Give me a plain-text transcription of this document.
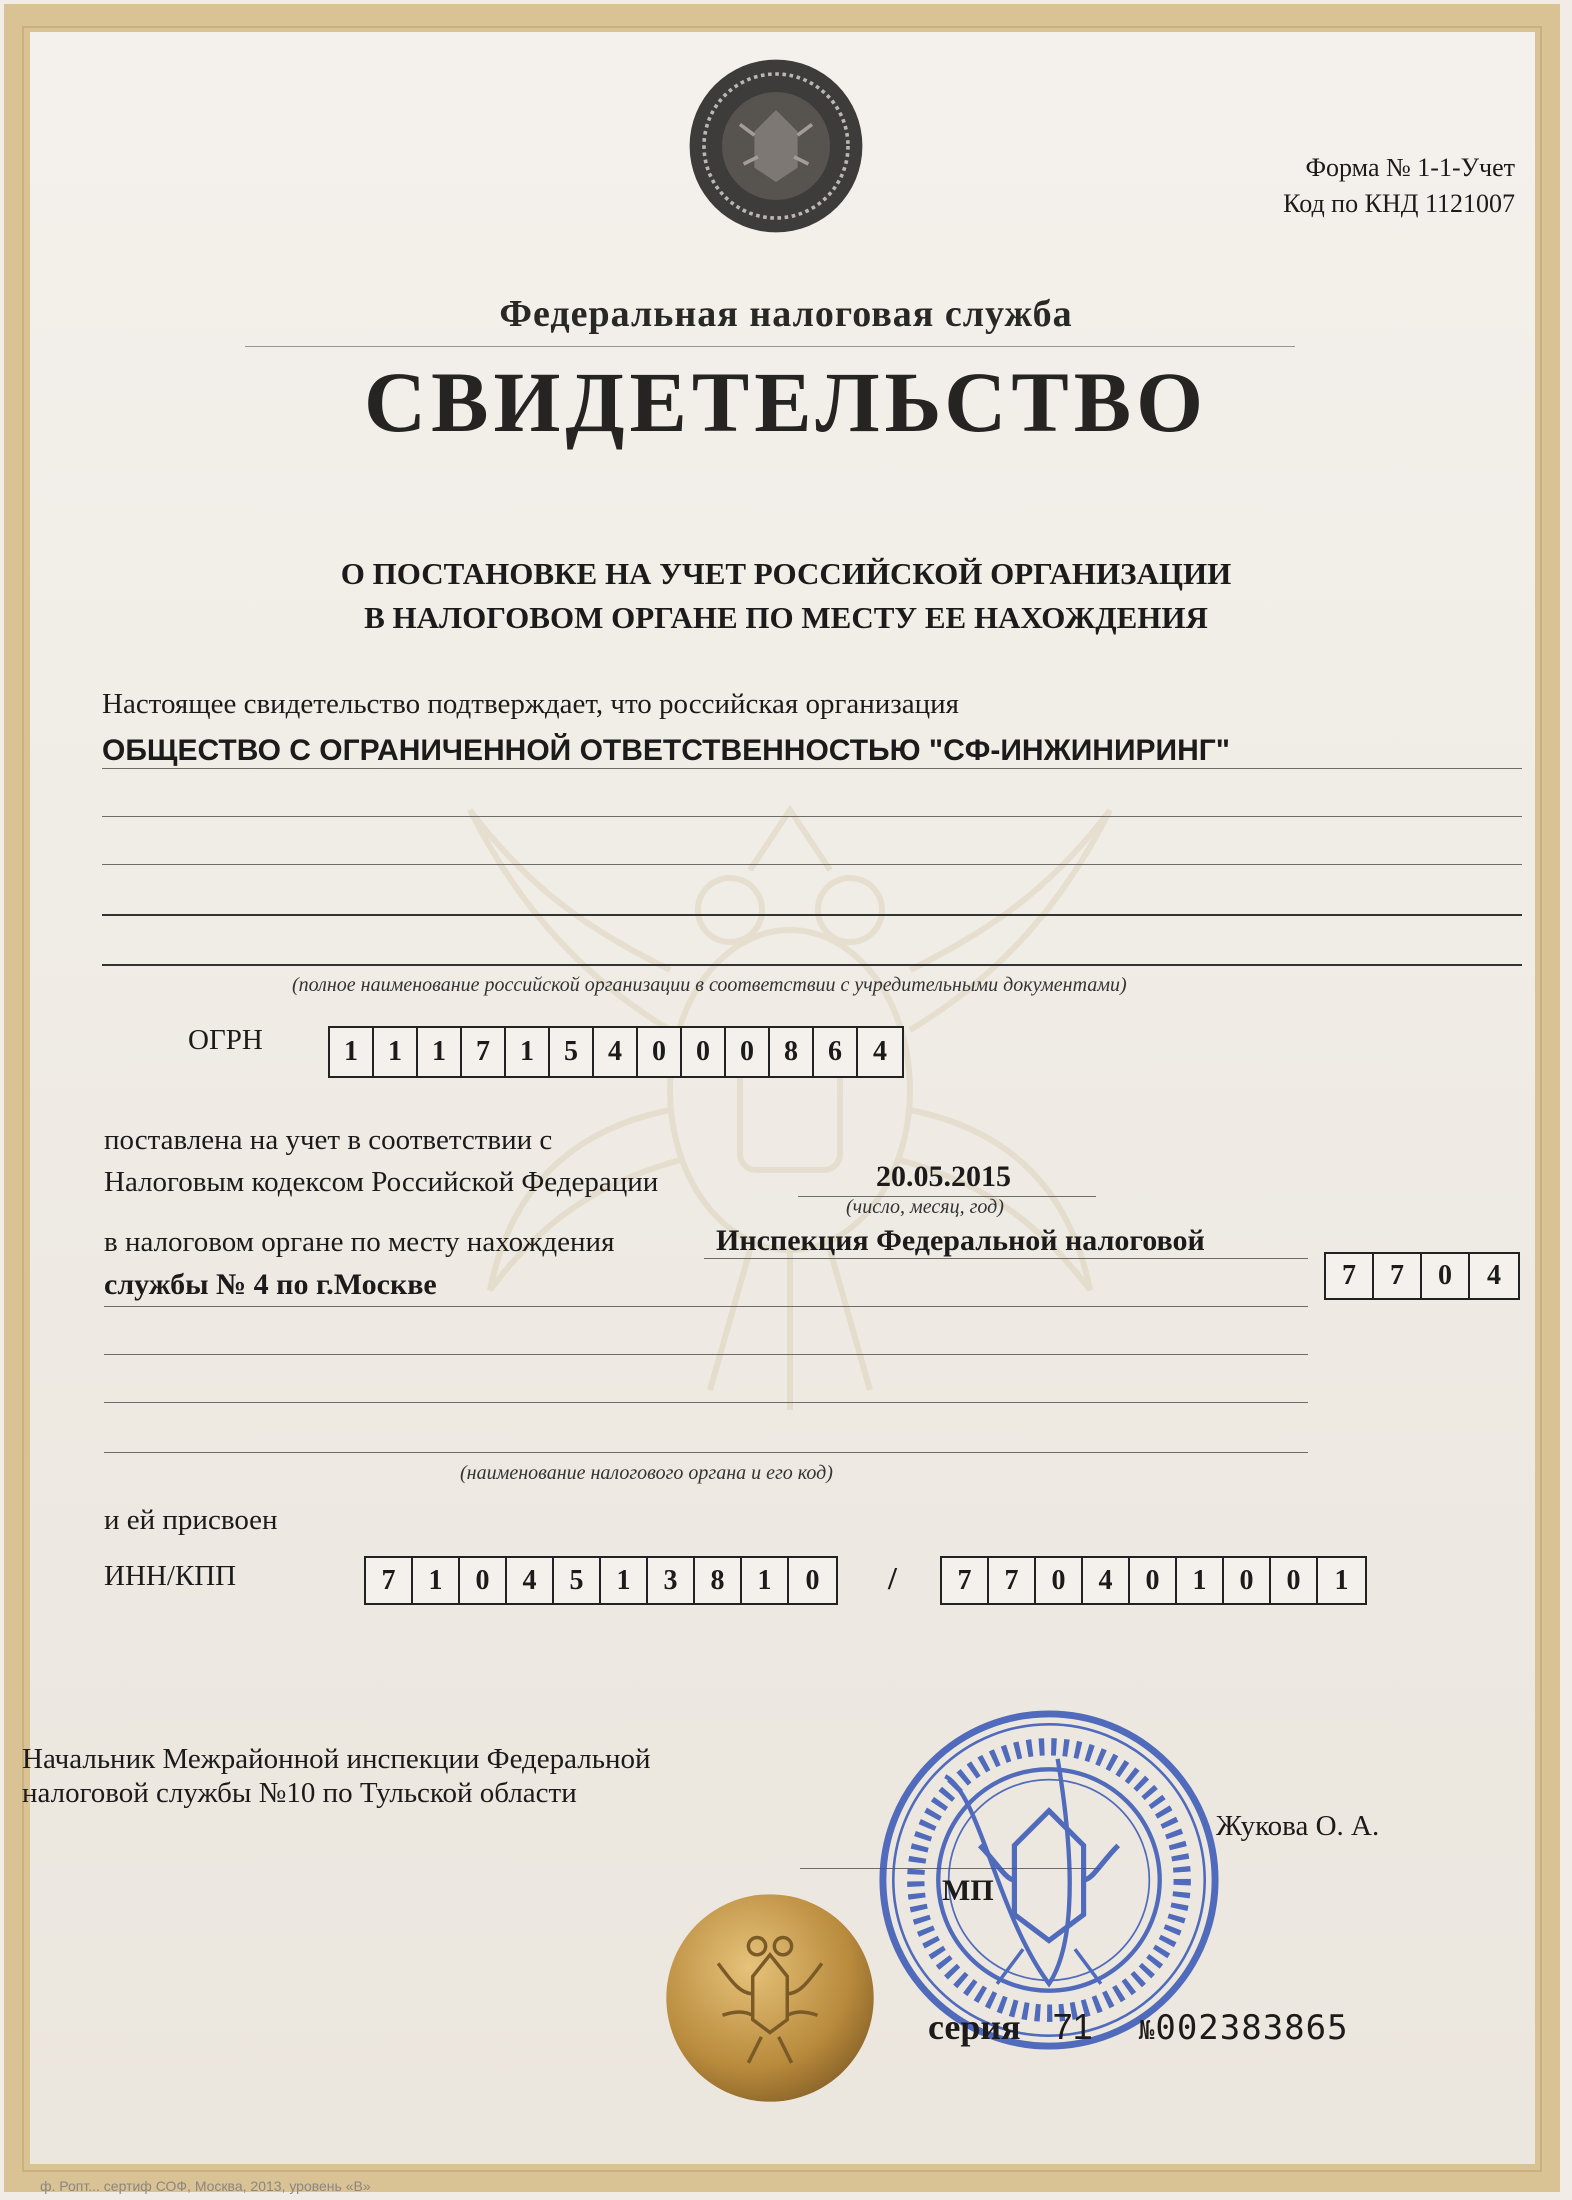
Форма № 1-1-Учет
Код по КНД 1121007
Федеральная налоговая служба
СВИДЕТЕЛЬСТВО
О ПОСТАНОВКЕ НА УЧЕТ РОССИЙСКОЙ ОРГАНИЗАЦИИ
В НАЛОГОВОМ ОРГАНЕ ПО МЕСТУ ЕЕ НАХОЖДЕНИЯ
Настоящее свидетельство подтверждает, что российская организация
ОБЩЕСТВО С ОГРАНИЧЕННОЙ ОТВЕТСТВЕННОСТЬЮ "СФ-ИНЖИНИРИНГ"
(полное наименование российской организации в соответствии с учредительными документами)
ОГРН	1	1	1	7	1	5	4	0	0	0	8	6	4
поставлена на учет в соответствии с
Налоговым кодексом Российской Федерации	20.05.2015
(число, месяц, год)
в налоговом органе по месту нахождения	Инспекция Федеральной налоговой
службы № 4 по г.Москве	7	7	0	4
(наименование налогового органа и его код)
и ей присвоен
ИНН/КПП	7	1	0	4	5	1	3	8	1	0	/	7	7	0	4	0	1	0	0	1
Начальник Межрайонной инспекции Федеральной
налоговой службы №10 по Тульской области
Жукова О. А.
МП
серия 71 №002383865
ф. Ропт... сертиф СОФ, Москва, 2013, уровень «В»
